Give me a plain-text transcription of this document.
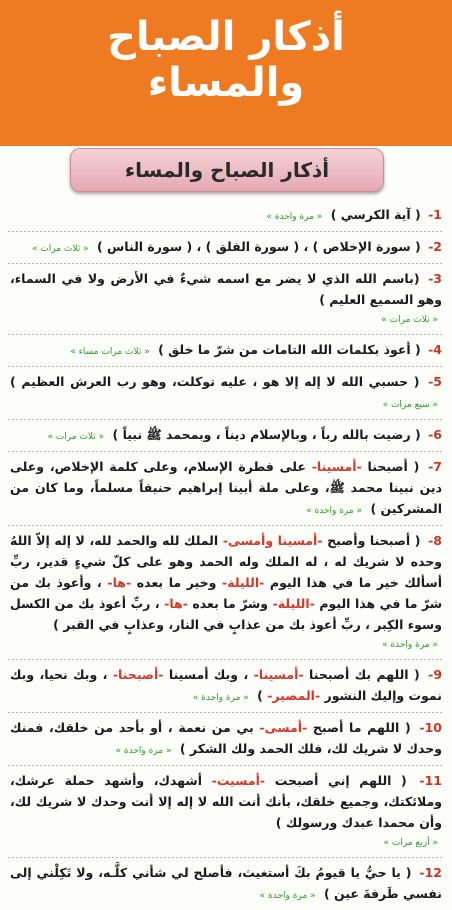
أذكار الصباح
والمساء
أذكار الصباح والمساء
1- ( آية الكرسي ) « مرة واحدة »
2- ( سورة الإخلاص ) ، ( سورة الفلق ) ، ( سورة الناس ) « ثلاث مرات »
3- (باسم الله الذي لا يضر مع اسمه شيءٌ في الأرض ولا في السماء، وهو السميع العليم )
« ثلاث مرات »
4- ( أعوذ بكلمات الله التامات من شرّ ما خلق ) « ثلاث مرات مساء »
5- ( حسبي الله لا إله إلا هو ، عليه توكلت، وهو رب العرش العظيم ) « سبع مرات »
6- ( رضيت بالله رباً ، وبالإسلام ديناً ، وبمحمد ﷺ نبياً ) « ثلاث مرات »
7- ( أصبحنا -أمسينا- على فطرة الإسلام، وعلى كلمة الإخلاص، وعلى دين نبينا محمد ﷺ، وعلى ملة أبينا إبراهيم حنيفاً مسلماً، وما كان من المشركين ) « مرة واحدة »
8- ( أصبحنا وأصبح -أمسينا وأمسى- الملك لله والحمد لله، لا إله إلاّ اللهُ وحده لا شريك له ، له الملك وله الحمد وهو على كلّ شيءٍ قدير، ربِّ أسألك خير ما في هذا اليوم -الليلة- وخير ما بعده -ها- ، وأعوذ بك من شرّ ما في هذا اليوم -الليلة- وشرّ ما بعده -ها- ، ربِّ أعوذ بك من الكسل وسوء الكِبر ، ربِّ أعوذ بك من عذابٍ في النار، وعذابٍ في القبر )
« مرة واحدة »
9- ( اللهم بك أصبحنا -أمسينا- ، وبك أمسينا -أصبحنا- ، وبك نحيا، وبك نموت وإليك النشور -المصير- ) « مرة واحدة »
10- ( اللهم ما أصبح -أمسى- بي من نعمة ، أو بأحد من خلقك، فمنك وحدك لا شريك لك، فلك الحمد ولك الشكر ) « مرة واحدة »
11- ( اللهم إني أصبحت -أمسيت- أشهدك، وأشهد حملة عرشك، وملائكتك، وجميع خلقك، بأنك أنت الله لا إله إلا أنت وحدك لا شريك لك، وأن محمدا عبدك ورسولك )
« أربع مرات »
12- ( يا حيُّ يا قيومُ بكَ أستغيث، فأصلح لي شأني كلَّـه، ولا تَكِلْني إلى نفسي طَرفةَ عين ) « مرة واحدة »
